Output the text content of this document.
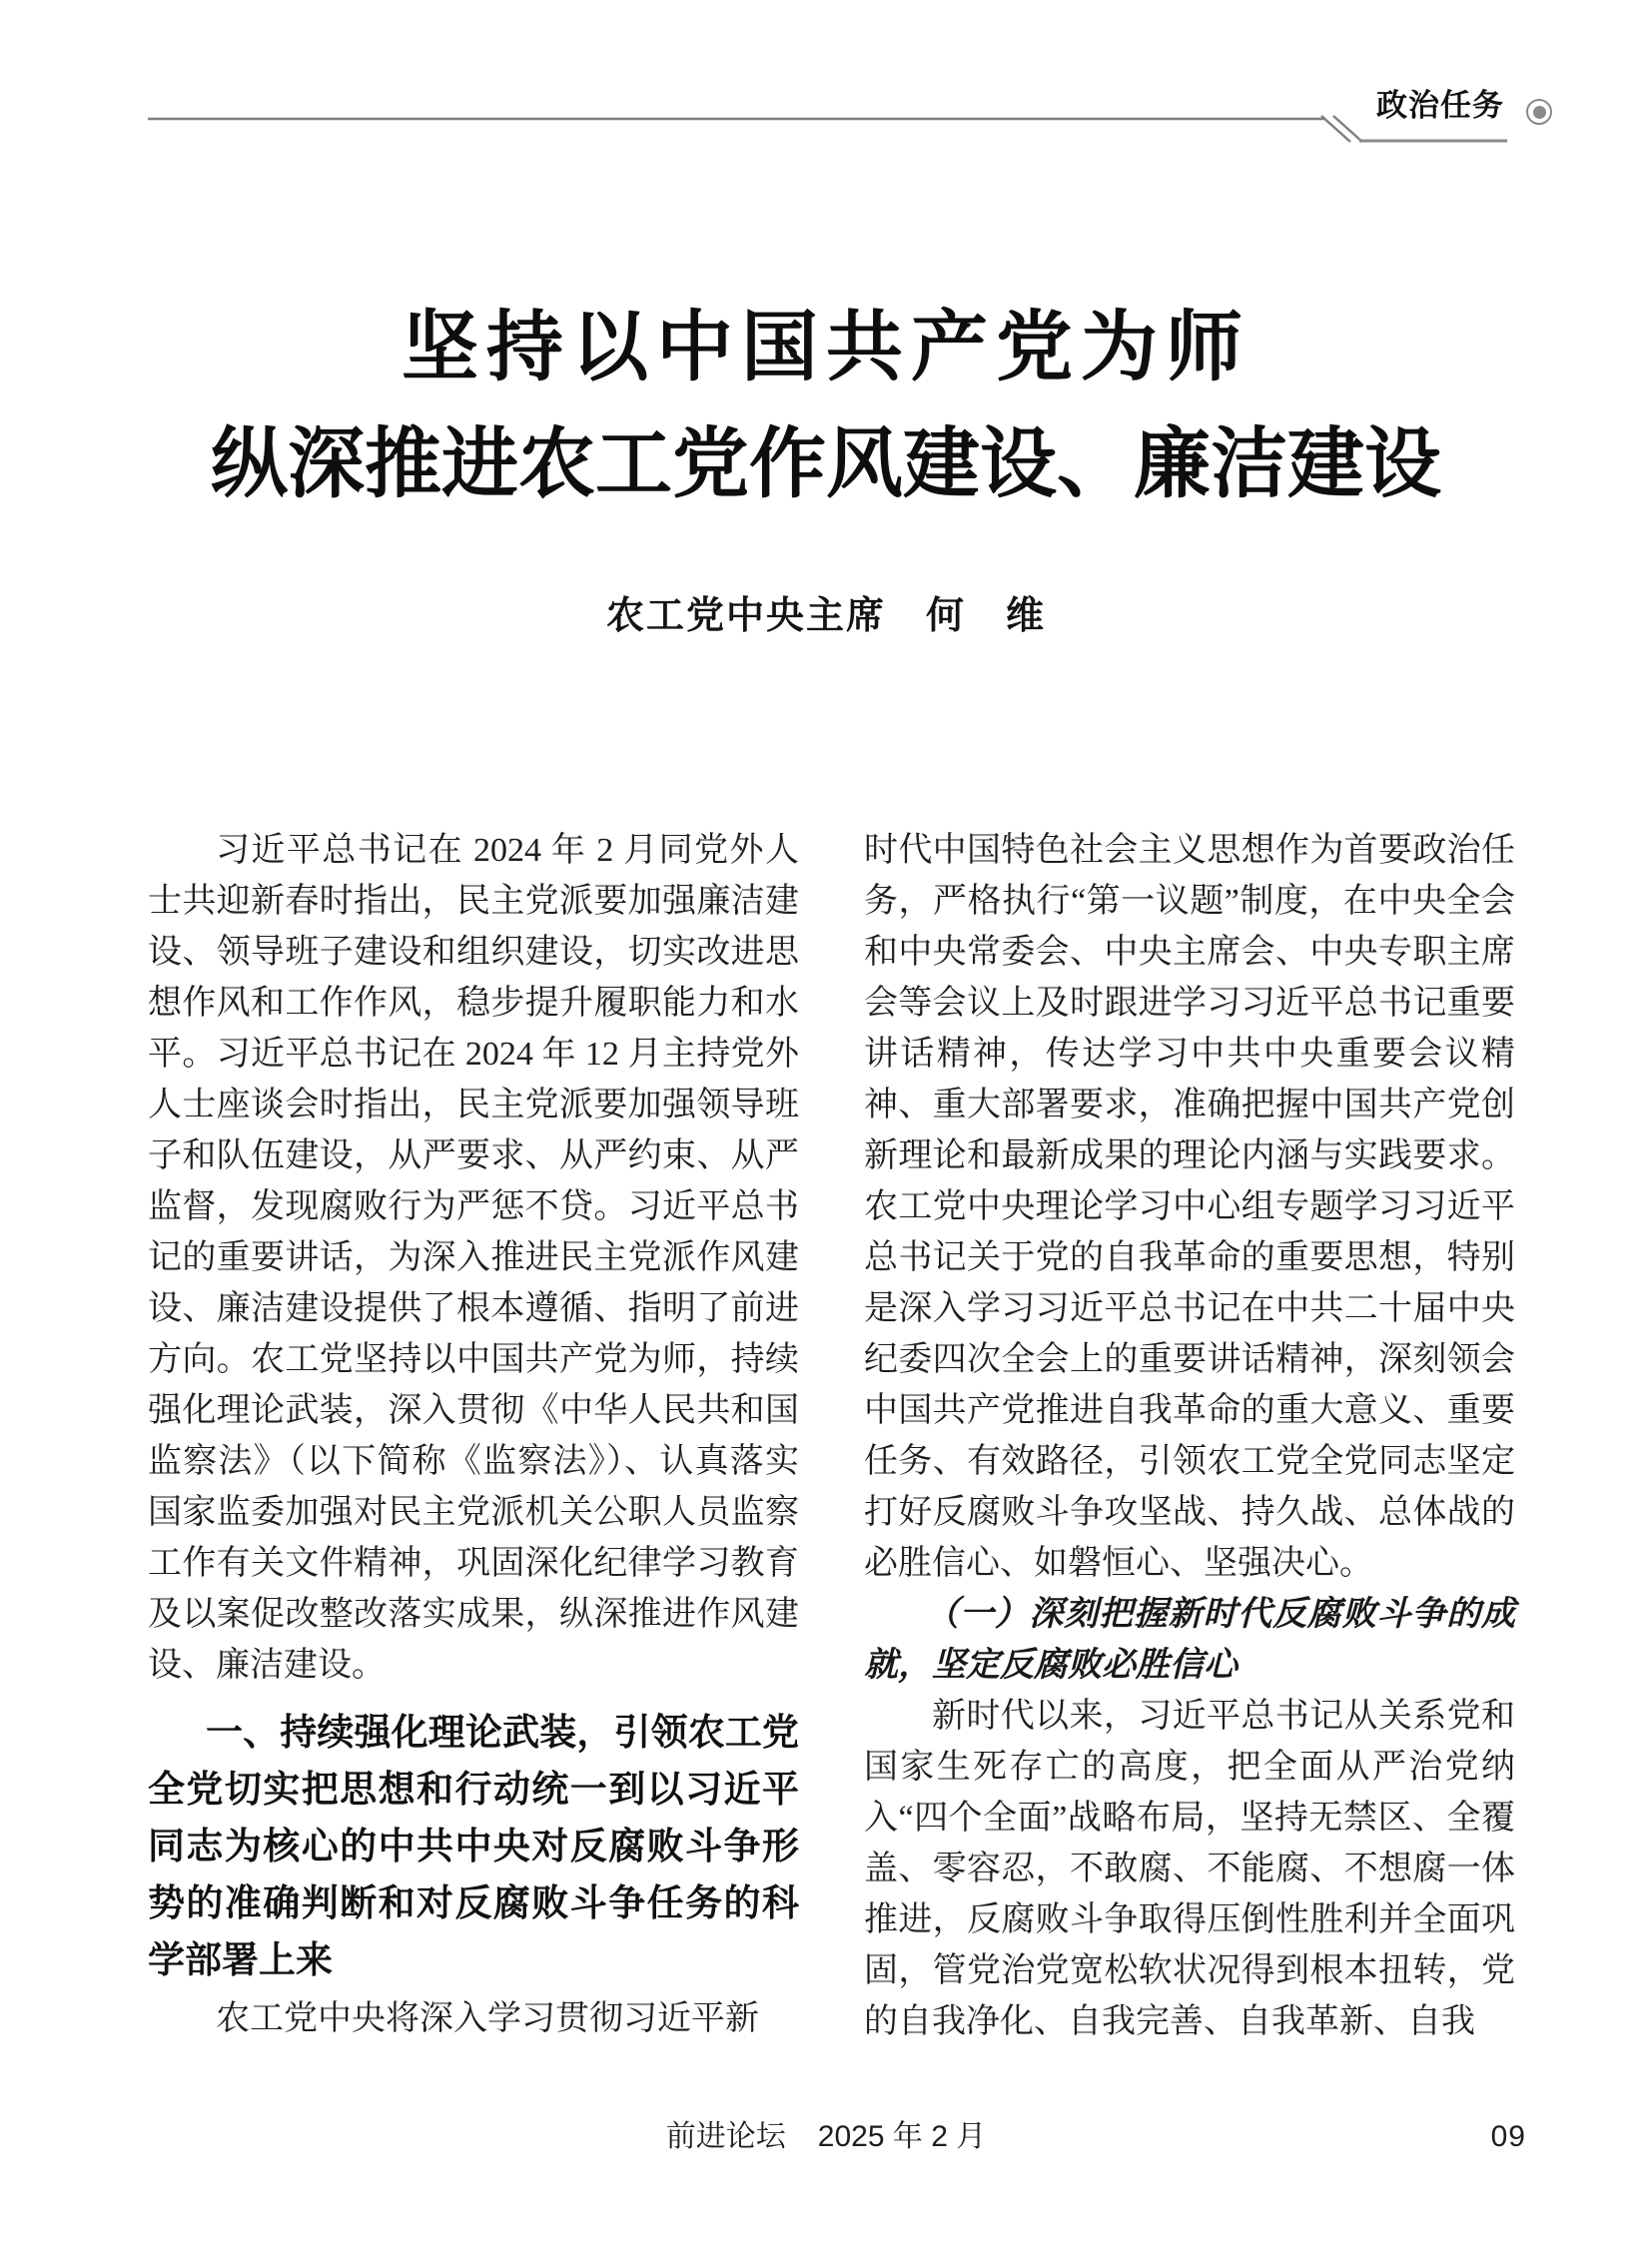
政治任务
坚持以中国共产党为师
纵深推进农工党作风建设、廉洁建设
农工党中央主席　何　维

习近平总书记在 2024 年 2 月同党外人士共迎新春时指出，民主党派要加强廉洁建设、领导班子建设和组织建设，切实改进思想作风和工作作风，稳步提升履职能力和水平。习近平总书记在 2024 年 12 月主持党外人士座谈会时指出，民主党派要加强领导班子和队伍建设，从严要求、从严约束、从严监督，发现腐败行为严惩不贷。习近平总书记的重要讲话，为深入推进民主党派作风建设、廉洁建设提供了根本遵循、指明了前进方向。农工党坚持以中国共产党为师，持续强化理论武装，深入贯彻《中华人民共和国监察法》（以下简称《监察法》）、认真落实国家监委加强对民主党派机关公职人员监察工作有关文件精神，巩固深化纪律学习教育及以案促改整改落实成果，纵深推进作风建设、廉洁建设。

一、持续强化理论武装，引领农工党全党切实把思想和行动统一到以习近平同志为核心的中共中央对反腐败斗争形势的准确判断和对反腐败斗争任务的科学部署上来

农工党中央将深入学习贯彻习近平新

时代中国特色社会主义思想作为首要政治任务，严格执行“第一议题”制度，在中央全会和中央常委会、中央主席会、中央专职主席会等会议上及时跟进学习习近平总书记重要讲话精神，传达学习中共中央重要会议精神、重大部署要求，准确把握中国共产党创新理论和最新成果的理论内涵与实践要求。农工党中央理论学习中心组专题学习习近平总书记关于党的自我革命的重要思想，特别是深入学习习近平总书记在中共二十届中央纪委四次全会上的重要讲话精神，深刻领会中国共产党推进自我革命的重大意义、重要任务、有效路径，引领农工党全党同志坚定打好反腐败斗争攻坚战、持久战、总体战的必胜信心、如磐恒心、坚强决心。

（一）深刻把握新时代反腐败斗争的成就，坚定反腐败必胜信心

新时代以来，习近平总书记从关系党和国家生死存亡的高度，把全面从严治党纳入“四个全面”战略布局，坚持无禁区、全覆盖、零容忍，不敢腐、不能腐、不想腐一体推进，反腐败斗争取得压倒性胜利并全面巩固，管党治党宽松软状况得到根本扭转，党的自我净化、自我完善、自我革新、自我

前进论坛 2025 年 2 月	09
